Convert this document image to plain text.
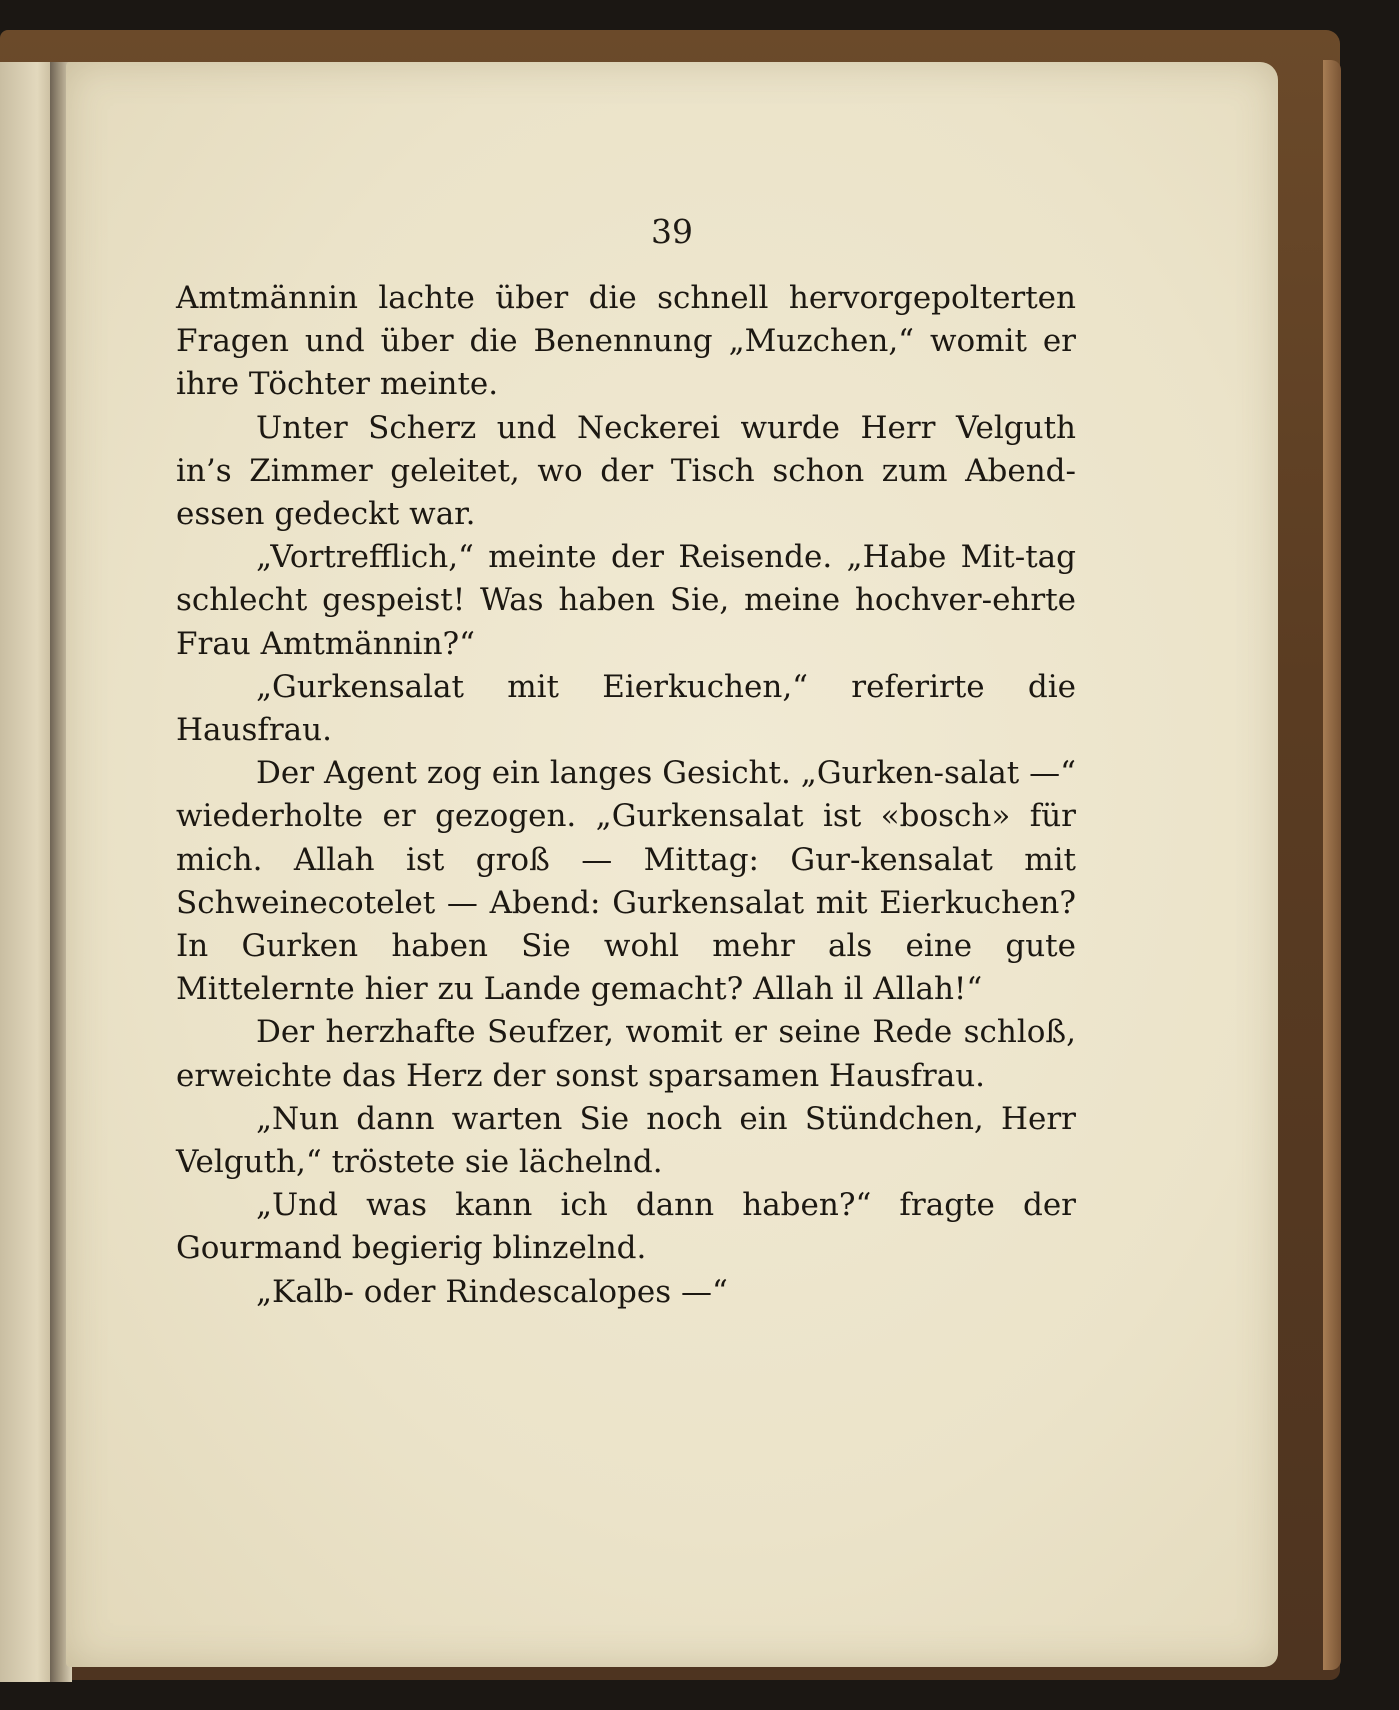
39

Amtmännin lachte über die schnell hervorgepolterten Fragen und über die Benennung „Muzchen,“ womit er ihre Töchter meinte.

Unter Scherz und Neckerei wurde Herr Velguth in’s Zimmer geleitet, wo der Tisch schon zum Abend-essen gedeckt war.

„Vortrefflich,“ meinte der Reisende. „Habe Mit-tag schlecht gespeist! Was haben Sie, meine hochver-ehrte Frau Amtmännin?“

„Gurkensalat mit Eierkuchen,“ referirte die Hausfrau.

Der Agent zog ein langes Gesicht. „Gurken-salat —“ wiederholte er gezogen. „Gurkensalat ist «bosch» für mich. Allah ist groß — Mittag: Gur-kensalat mit Schweinecotelet — Abend: Gurkensalat mit Eierkuchen? In Gurken haben Sie wohl mehr als eine gute Mittelernte hier zu Lande gemacht? Allah il Allah!“

Der herzhafte Seufzer, womit er seine Rede schloß, erweichte das Herz der sonst sparsamen Hausfrau.

„Nun dann warten Sie noch ein Stündchen, Herr Velguth,“ tröstete sie lächelnd.

„Und was kann ich dann haben?“ fragte der Gourmand begierig blinzelnd.

„Kalb- oder Rindescalopes —“
